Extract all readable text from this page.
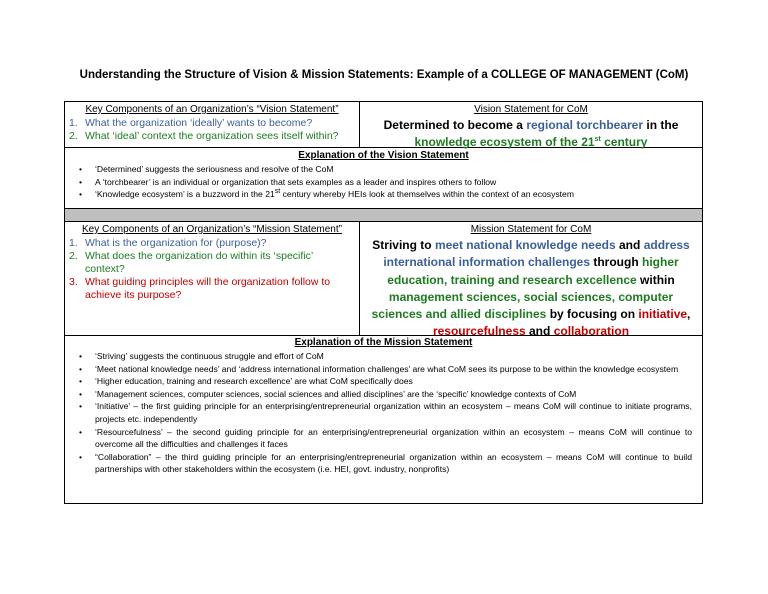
Understanding the Structure of Vision & Mission Statements: Example of a COLLEGE OF MANAGEMENT (CoM)
Key Components of an Organization’s “Vision Statement”
1. What the organization ‘ideally’ wants to become?
2. What ‘ideal’ context the organization sees itself within?
Vision Statement for CoM
Determined to become a regional torchbearer in the
knowledge ecosystem of the 21st century
Explanation of the Vision Statement
• ‘Determined’ suggests the seriousness and resolve of the CoM
• A ‘torchbearer’ is an individual or organization that sets examples as a leader and inspires others to follow
• ‘Knowledge ecosystem’ is a buzzword in the 21st century whereby HEIs look at themselves within the context of an ecosystem
Key Components of an Organization’s “Mission Statement”
1. What is the organization for (purpose)?
2. What does the organization do within its ‘specific’ context?
3. What guiding principles will the organization follow to achieve its purpose?
Mission Statement for CoM
Striving to meet national knowledge needs and address international information challenges through higher education, training and research excellence within management sciences, social sciences, computer sciences and allied disciplines by focusing on initiative, resourcefulness and collaboration
Explanation of the Mission Statement
• ‘Striving’ suggests the continuous struggle and effort of CoM
• ‘Meet national knowledge needs’ and ‘address international information challenges’ are what CoM sees its purpose to be within the knowledge ecosystem
• ‘Higher education, training and research excellence’ are what CoM specifically does
• ‘Management sciences, computer sciences, social sciences and allied disciplines’ are the ‘specific’ knowledge contexts of CoM
• ‘Initiative’ – the first guiding principle for an enterprising/entrepreneurial organization within an ecosystem – means CoM will continue to initiate programs, projects etc. independently
• ‘Resourcefulness’ – the second guiding principle for an enterprising/entrepreneurial organization within an ecosystem – means CoM will continue to overcome all the difficulties and challenges it faces
• “Collaboration” – the third guiding principle for an enterprising/entrepreneurial organization within an ecosystem – means CoM will continue to build partnerships with other stakeholders within the ecosystem (i.e. HEI, govt. industry, nonprofits)
